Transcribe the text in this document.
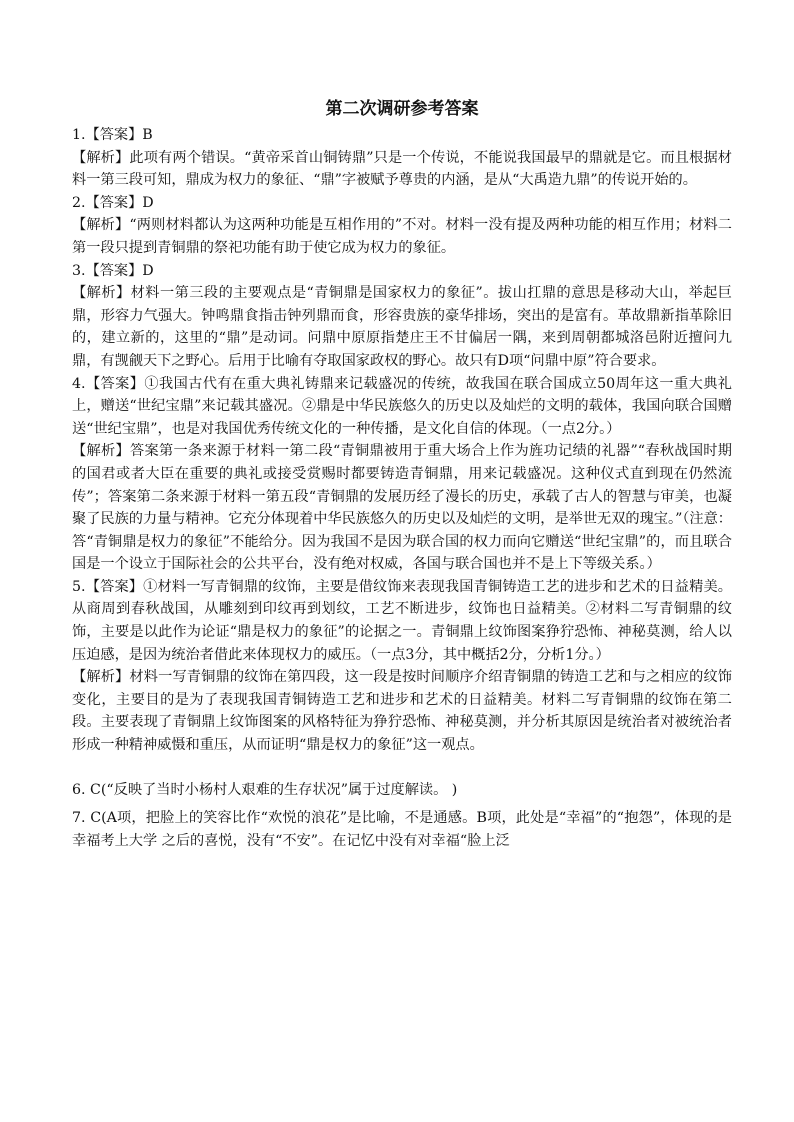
第二次调研参考答案
1.【答案】B
【解析】此项有两个错误。“黄帝采首山铜铸鼎”只是一个传说，不能说我国最早的鼎就是它。而且根据材料一第三段可知，鼎成为权力的象征、“鼎”字被赋予尊贵的内涵，是从“大禹造九鼎”的传说开始的。
2.【答案】D
【解析】“两则材料都认为这两种功能是互相作用的”不对。材料一没有提及两种功能的相互作用；材料二第一段只提到青铜鼎的祭祀功能有助于使它成为权力的象征。
3.【答案】D
【解析】材料一第三段的主要观点是“青铜鼎是国家权力的象征”。拔山扛鼎的意思是移动大山，举起巨鼎，形容力气强大。钟鸣鼎食指击钟列鼎而食，形容贵族的豪华排场，突出的是富有。革故鼎新指革除旧的，建立新的，这里的“鼎”是动词。问鼎中原原指楚庄王不甘偏居一隅，来到周朝都城洛邑附近擅问九鼎，有觊觎天下之野心。后用于比喻有夺取国家政权的野心。故只有D项“问鼎中原”符合要求。
4.【答案】①我国古代有在重大典礼铸鼎来记载盛况的传统，故我国在联合国成立50周年这一重大典礼上，赠送“世纪宝鼎”来记载其盛况。②鼎是中华民族悠久的历史以及灿烂的文明的载体，我国向联合国赠送“世纪宝鼎”，也是对我国优秀传统文化的一种传播，是文化自信的体现。（一点2分。）
【解析】答案第一条来源于材料一第二段“青铜鼎被用于重大场合上作为旌功记绩的礼器”“春秋战国时期的国君或者大臣在重要的典礼或接受赏赐时都要铸造青铜鼎，用来记载盛况。这种仪式直到现在仍然流传”；答案第二条来源于材料一第五段“青铜鼎的发展历经了漫长的历史，承载了古人的智慧与审美，也凝聚了民族的力量与精神。它充分体现着中华民族悠久的历史以及灿烂的文明，是举世无双的瑰宝。”（注意：答“青铜鼎是权力的象征”不能给分。因为我国不是因为联合国的权力而向它赠送“世纪宝鼎”的，而且联合国是一个设立于国际社会的公共平台，没有绝对权威，各国与联合国也并不是上下等级关系。）
5.【答案】①材料一写青铜鼎的纹饰，主要是借纹饰来表现我国青铜铸造工艺的进步和艺术的日益精美。从商周到春秋战国，从雕刻到印纹再到划纹，工艺不断进步，纹饰也日益精美。②材料二写青铜鼎的纹饰，主要是以此作为论证“鼎是权力的象征”的论据之一。青铜鼎上纹饰图案狰狞恐怖、神秘莫测，给人以压迫感，是因为统治者借此来体现权力的威压。（一点3分，其中概括2分，分析1分。）
【解析】材料一写青铜鼎的纹饰在第四段，这一段是按时间顺序介绍青铜鼎的铸造工艺和与之相应的纹饰变化，主要目的是为了表现我国青铜铸造工艺和进步和艺术的日益精美。材料二写青铜鼎的纹饰在第二段。主要表现了青铜鼎上纹饰图案的风格特征为狰狞恐怖、神秘莫测，并分析其原因是统治者对被统治者形成一种精神威慑和重压，从而证明“鼎是权力的象征”这一观点。
6. C(“反映了当时小杨村人艰难的生存状况”属于过度解读。 )
7. C(A项，把脸上的笑容比作“欢悦的浪花”是比喻，不是通感。B项，此处是“幸福”的“抱怨”，体现的是幸福考上大学 之后的喜悦，没有“不安”。在记忆中没有对幸福“脸上泛
